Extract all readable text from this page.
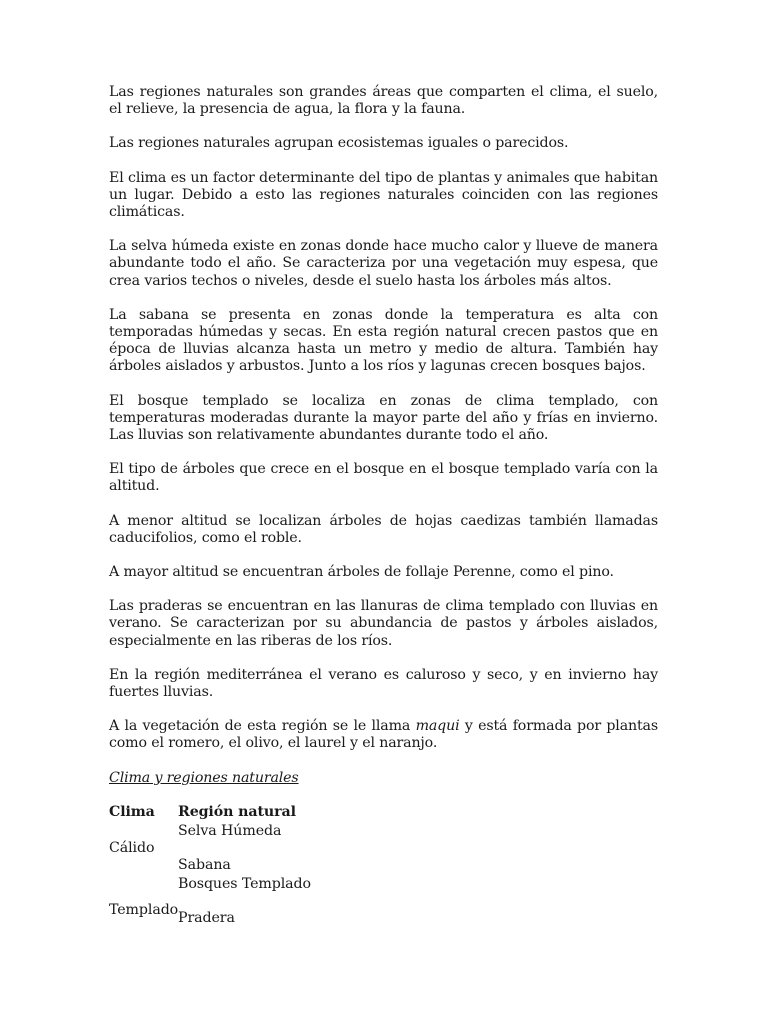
Las regiones naturales son grandes áreas que comparten el clima, el suelo, el relieve, la presencia de agua, la flora y la fauna.

Las regiones naturales agrupan ecosistemas iguales o parecidos.

El clima es un factor determinante del tipo de plantas y animales que habitan un lugar. Debido a esto las regiones naturales coinciden con las regiones climáticas.

La selva húmeda existe en zonas donde hace mucho calor y llueve de manera abundante todo el año. Se caracteriza por una vegetación muy espesa, que crea varios techos o niveles, desde el suelo hasta los árboles más altos.

La sabana se presenta en zonas donde la temperatura es alta con temporadas húmedas y secas. En esta región natural crecen pastos que en época de lluvias alcanza hasta un metro y medio de altura. También hay árboles aislados y arbustos. Junto a los ríos y lagunas crecen bosques bajos.

El bosque templado se localiza en zonas de clima templado, con temperaturas moderadas durante la mayor parte del año y frías en invierno. Las lluvias son relativamente abundantes durante todo el año.

El tipo de árboles que crece en el bosque en el bosque templado varía con la altitud.

A menor altitud se localizan árboles de hojas caedizas también llamadas caducifolios, como el roble.

A mayor altitud se encuentran árboles de follaje Perenne, como el pino.

Las praderas se encuentran en las llanuras de clima templado con lluvias en verano. Se caracterizan por su abundancia de pastos y árboles aislados, especialmente en las riberas de los ríos.

En la región mediterránea el verano es caluroso y seco, y en invierno hay fuertes lluvias.

A la vegetación de esta región se le llama maqui y está formada por plantas como el romero, el olivo, el laurel y el naranjo.

Clima y regiones naturales
Clima Región natural
Selva Húmeda
Cálido
Sabana
Bosques Templado
Templado Pradera
